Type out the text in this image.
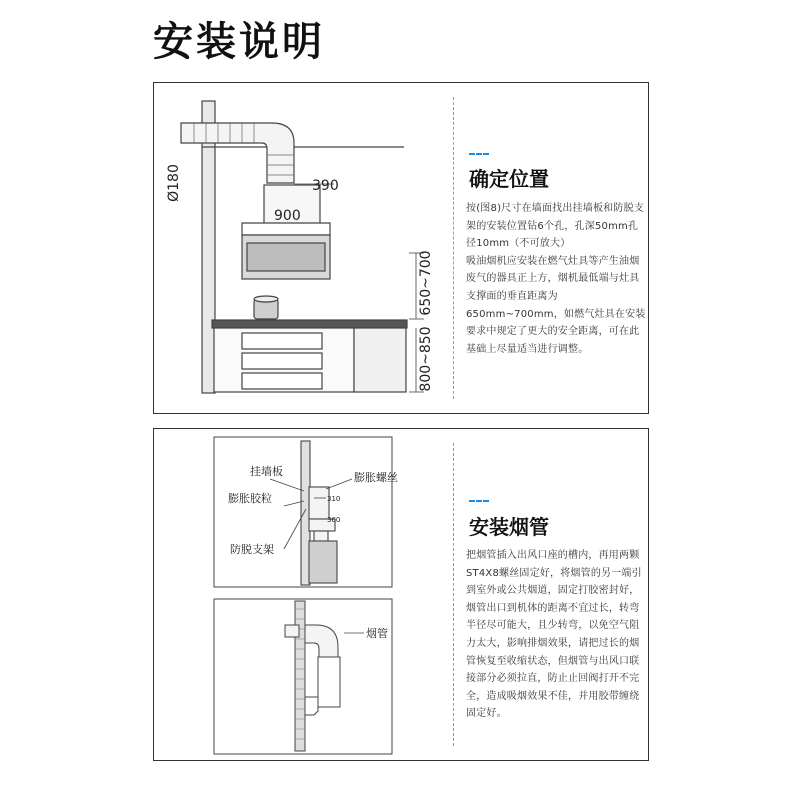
安装说明
Ø180	390
900
650~700
800~850
确定位置
按(图8)尺寸在墙面找出挂墙板和防脱支架的安装位置钻6个孔，孔深50mm孔径10mm（不可放大）
吸油烟机应安装在燃气灶具等产生油烟废气的器具正上方，烟机最低端与灶具支撑面的垂直距离为650mm~700mm，如燃气灶具在安装要求中规定了更大的安全距离，可在此基础上尽量适当进行调整。
挂墙板
膨胀胶粒
膨胀螺丝
防脱支架
310
360
烟管
安装烟管
把烟管插入出风口座的槽内，再用两颗ST4X8螺丝固定好，将烟管的另一端引到室外或公共烟道，固定打胶密封好，烟管出口到机体的距离不宜过长，转弯半径尽可能大，且少转弯，以免空气阻力太大，影响排烟效果，请把过长的烟管恢复至收缩状态，但烟管与出风口联接部分必须拉直，防止止回阀打开不完全，造成吸烟效果不佳，并用胶带缠绕固定好。
